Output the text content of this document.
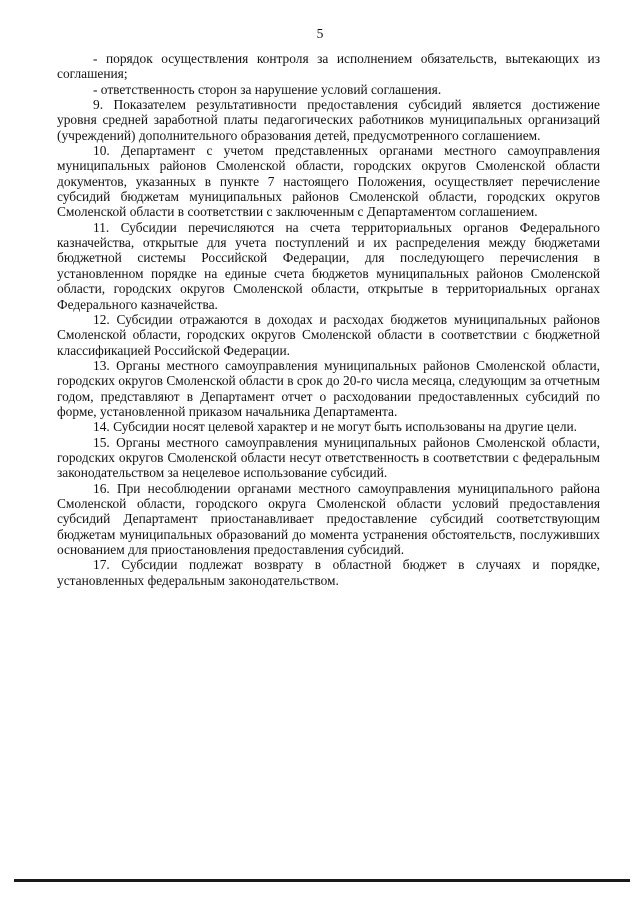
5

- порядок осуществления контроля за исполнением обязательств, вытекающих из соглашения;

- ответственность сторон за нарушение условий соглашения.

9. Показателем результативности предоставления субсидий является достижение уровня средней заработной платы педагогических работников муниципальных организаций (учреждений) дополнительного образования детей, предусмотренного соглашением.

10. Департамент с учетом представленных органами местного самоуправления муниципальных районов Смоленской области, городских округов Смоленской области документов, указанных в пункте 7 настоящего Положения, осуществляет перечисление субсидий бюджетам муниципальных районов Смоленской области, городских округов Смоленской области в соответствии с заключенным с Департаментом соглашением.

11. Субсидии перечисляются на счета территориальных органов Федерального казначейства, открытые для учета поступлений и их распределения между бюджетами бюджетной системы Российской Федерации, для последующего перечисления в установленном порядке на единые счета бюджетов муниципальных районов Смоленской области, городских округов Смоленской области, открытые в территориальных органах Федерального казначейства.

12. Субсидии отражаются в доходах и расходах бюджетов муниципальных районов Смоленской области, городских округов Смоленской области в соответствии с бюджетной классификацией Российской Федерации.

13. Органы местного самоуправления муниципальных районов Смоленской области, городских округов Смоленской области в срок до 20-го числа месяца, следующим за отчетным годом, представляют в Департамент отчет о расходовании предоставленных субсидий по форме, установленной приказом начальника Департамента.

14. Субсидии носят целевой характер и не могут быть использованы на другие цели.

15. Органы местного самоуправления муниципальных районов Смоленской области, городских округов Смоленской области несут ответственность в соответствии с федеральным законодательством за нецелевое использование субсидий.

16. При несоблюдении органами местного самоуправления муниципального района Смоленской области, городского округа Смоленской области условий предоставления субсидий Департамент приостанавливает предоставление субсидий соответствующим бюджетам муниципальных образований до момента устранения обстоятельств, послуживших основанием для приостановления предоставления субсидий.

17. Субсидии подлежат возврату в областной бюджет в случаях и порядке, установленных федеральным законодательством.
